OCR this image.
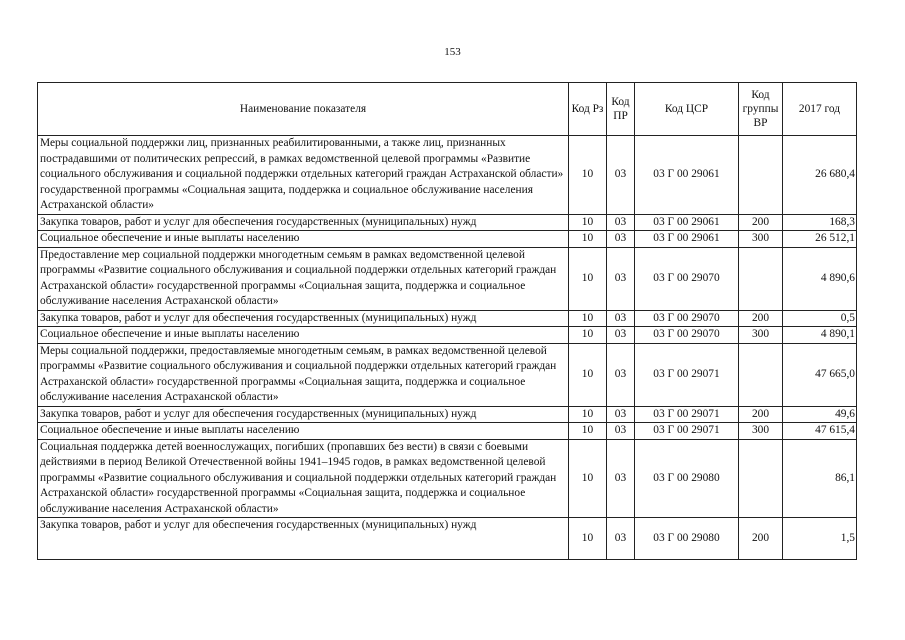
153
Наименование показателя	Код Рз	Код ПР	Код ЦСР	Код группы ВР	2017 год
Меры социальной поддержки лиц, признанных реабилитированными, а также лиц, признанных пострадавшими от политических репрессий, в рамках ведомственной целевой программы «Развитие социального обслуживания и социальной поддержки отдельных категорий граждан Астраханской области» государственной программы «Социальная защита, поддержка и социальное обслуживание населения Астраханской области»	10	03	03 Г 00 29061		26 680,4
Закупка товаров, работ и услуг для обеспечения государственных (муниципальных) нужд	10	03	03 Г 00 29061	200	168,3
Социальное обеспечение и иные выплаты населению	10	03	03 Г 00 29061	300	26 512,1
Предоставление мер социальной поддержки многодетным семьям в рамках ведомственной целевой программы «Развитие социального обслуживания и социальной поддержки отдельных категорий граждан Астраханской области» государственной программы «Социальная защита, поддержка и социальное обслуживание населения Астраханской области»	10	03	03 Г 00 29070		4 890,6
Закупка товаров, работ и услуг для обеспечения государственных (муниципальных) нужд	10	03	03 Г 00 29070	200	0,5
Социальное обеспечение и иные выплаты населению	10	03	03 Г 00 29070	300	4 890,1
Меры социальной поддержки, предоставляемые многодетным семьям, в рамках ведомственной целевой программы «Развитие социального обслуживания и социальной поддержки отдельных категорий граждан Астраханской области» государственной программы «Социальная защита, поддержка и социальное обслуживание населения Астраханской области»	10	03	03 Г 00 29071		47 665,0
Закупка товаров, работ и услуг для обеспечения государственных (муниципальных) нужд	10	03	03 Г 00 29071	200	49,6
Социальное обеспечение и иные выплаты населению	10	03	03 Г 00 29071	300	47 615,4
Социальная поддержка детей военнослужащих, погибших (пропавших без вести) в связи с боевыми действиями в период Великой Отечественной войны 1941–1945 годов, в рамках ведомственной целевой программы «Развитие социального обслуживания и социальной поддержки отдельных категорий граждан Астраханской области» государственной программы «Социальная защита, поддержка и социальное обслуживание населения Астраханской области»	10	03	03 Г 00 29080		86,1
Закупка товаров, работ и услуг для обеспечения государственных (муниципальных) нужд	10	03	03 Г 00 29080	200	1,5
